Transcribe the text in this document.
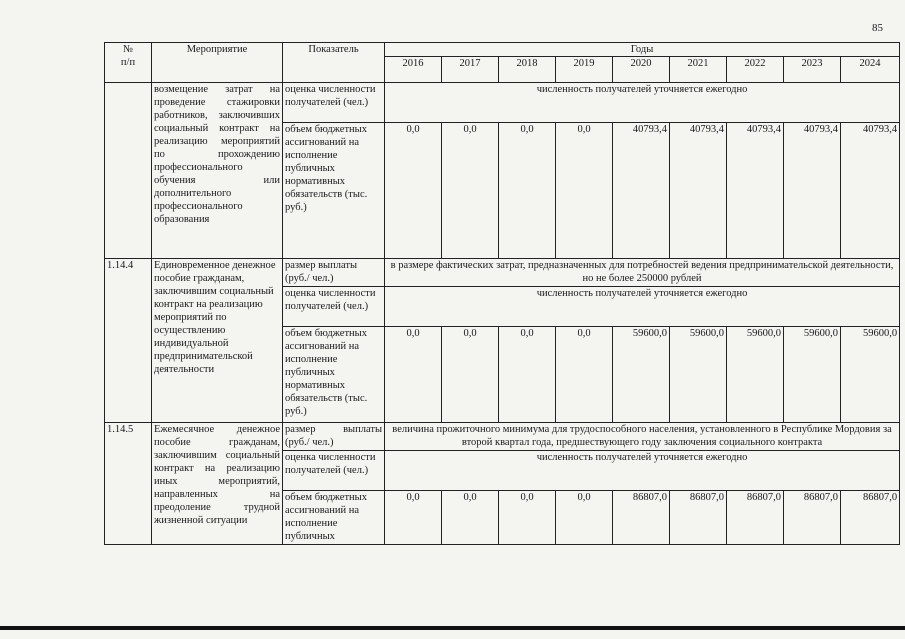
85
№
п/п	Мероприятие	Показатель	Годы								
			2016	2017	2018	2019	2020	2021	2022	2023	2024
	возмещение затрат на проведение стажировки работников, заключивших социальный контракт на реализацию мероприятий по прохождению профессионального обучения или дополнительного профессионального образования	оценка численности получателей (чел.)	численность получателей уточняется ежегодно								
		объем бюджетных ассигнований на исполнение публичных нормативных обязательств (тыс. руб.)	0,0	0,0	0,0	0,0	40793,4	40793,4	40793,4	40793,4	40793,4
1.14.4	Единовременное денежное пособие гражданам, заключившим социальный контракт на реализацию мероприятий по осуществлению индивидуальной предпринимательской деятельности	размер выплаты (руб./ чел.)	в размере фактических затрат, предназначенных для потребностей ведения предпринимательской деятельности, но не более 250000 рублей								
		оценка численности получателей (чел.)	численность получателей уточняется ежегодно								
		объем бюджетных ассигнований на исполнение публичных нормативных обязательств (тыс. руб.)	0,0	0,0	0,0	0,0	59600,0	59600,0	59600,0	59600,0	59600,0
1.14.5	Ежемесячное денежное пособие гражданам, заключившим социальный контракт на реализацию иных мероприятий, направленных на преодоление трудной жизненной ситуации	размер выплаты (руб./ чел.)	величина прожиточного минимума для трудоспособного населения, установленного в Республике Мордовия за второй квартал года, предшествующего году заключения социального контракта								
		оценка численности получателей (чел.)	численность получателей уточняется ежегодно								
		объем бюджетных ассигнований на исполнение публичных	0,0	0,0	0,0	0,0	86807,0	86807,0	86807,0	86807,0	86807,0
